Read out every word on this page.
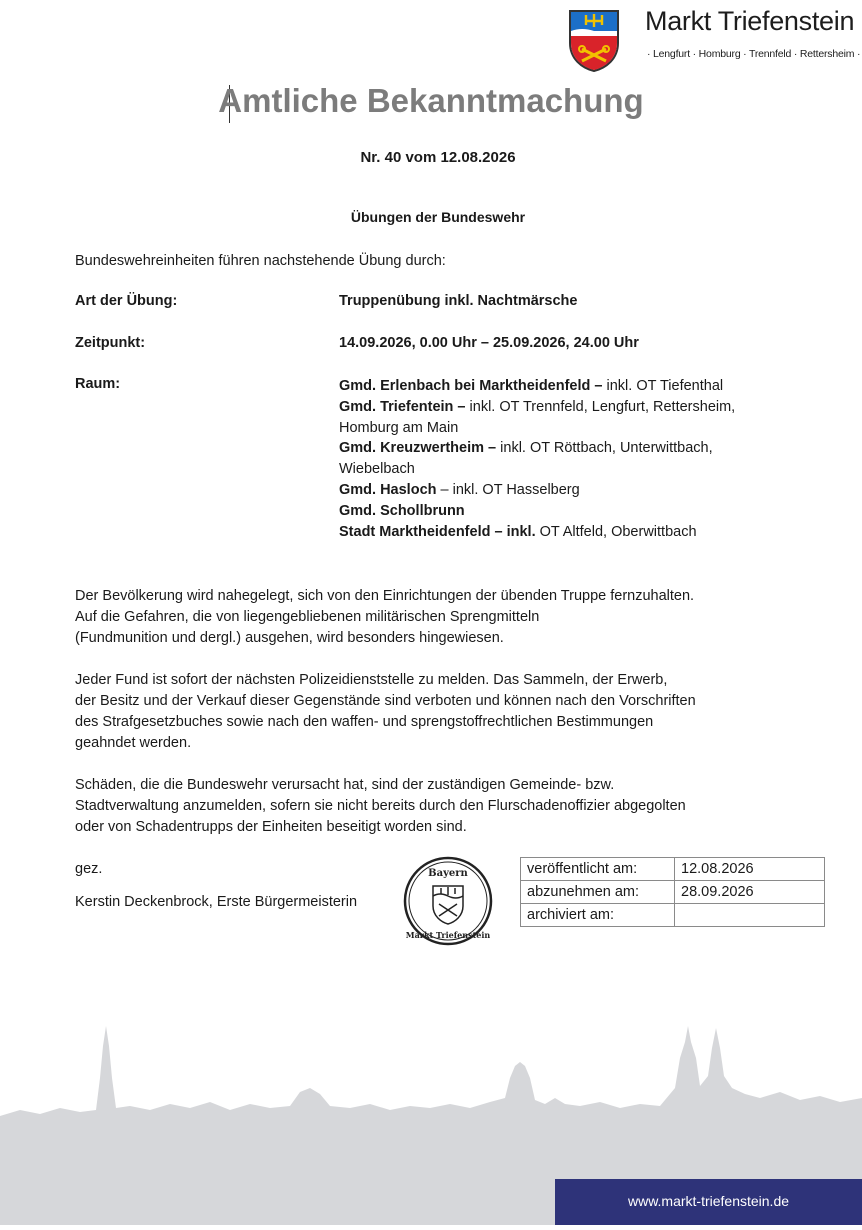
Markt Triefenstein
· Lengfurt · Homburg · Trennfeld · Rettersheim ·
Amtliche Bekanntmachung
Nr. 40 vom 12.08.2026
Übungen der Bundeswehr
Bundeswehreinheiten führen nachstehende Übung durch:
Art der Übung:	Truppenübung inkl. Nachtmärsche
Zeitpunkt:	14.09.2026, 0.00 Uhr – 25.09.2026, 24.00 Uhr
Raum:	Gmd. Erlenbach bei Marktheidenfeld – inkl. OT Tiefenthal
Gmd. Triefentein – inkl. OT Trennfeld, Lengfurt, Rettersheim,
Homburg am Main
Gmd. Kreuzwertheim – inkl. OT Röttbach, Unterwittbach,
Wiebelbach
Gmd. Hasloch – inkl. OT Hasselberg
Gmd. Schollbrunn
Stadt Marktheidenfeld – inkl. OT Altfeld, Oberwittbach
Der Bevölkerung wird nahegelegt, sich von den Einrichtungen der übenden Truppe fernzuhalten.
Auf die Gefahren, die von liegengebliebenen militärischen Sprengmitteln
(Fundmunition und dergl.) ausgehen, wird besonders hingewiesen.
Jeder Fund ist sofort der nächsten Polizeidienststelle zu melden. Das Sammeln, der Erwerb,
der Besitz und der Verkauf dieser Gegenstände sind verboten und können nach den Vorschriften
des Strafgesetzbuches sowie nach den waffen- und sprengstoffrechtlichen Bestimmungen
geahndet werden.
Schäden, die die Bundeswehr verursacht hat, sind der zuständigen Gemeinde- bzw.
Stadtverwaltung anzumelden, sofern sie nicht bereits durch den Flurschadenoffizier abgegolten
oder von Schadentrupps der Einheiten beseitigt worden sind.
gez.
Kerstin Deckenbrock, Erste Bürgermeisterin
Bayern
Markt Triefenstein
veröffentlicht am:	12.08.2026
abzunehmen am:	28.09.2026
archiviert am:	
www.markt-triefenstein.de
